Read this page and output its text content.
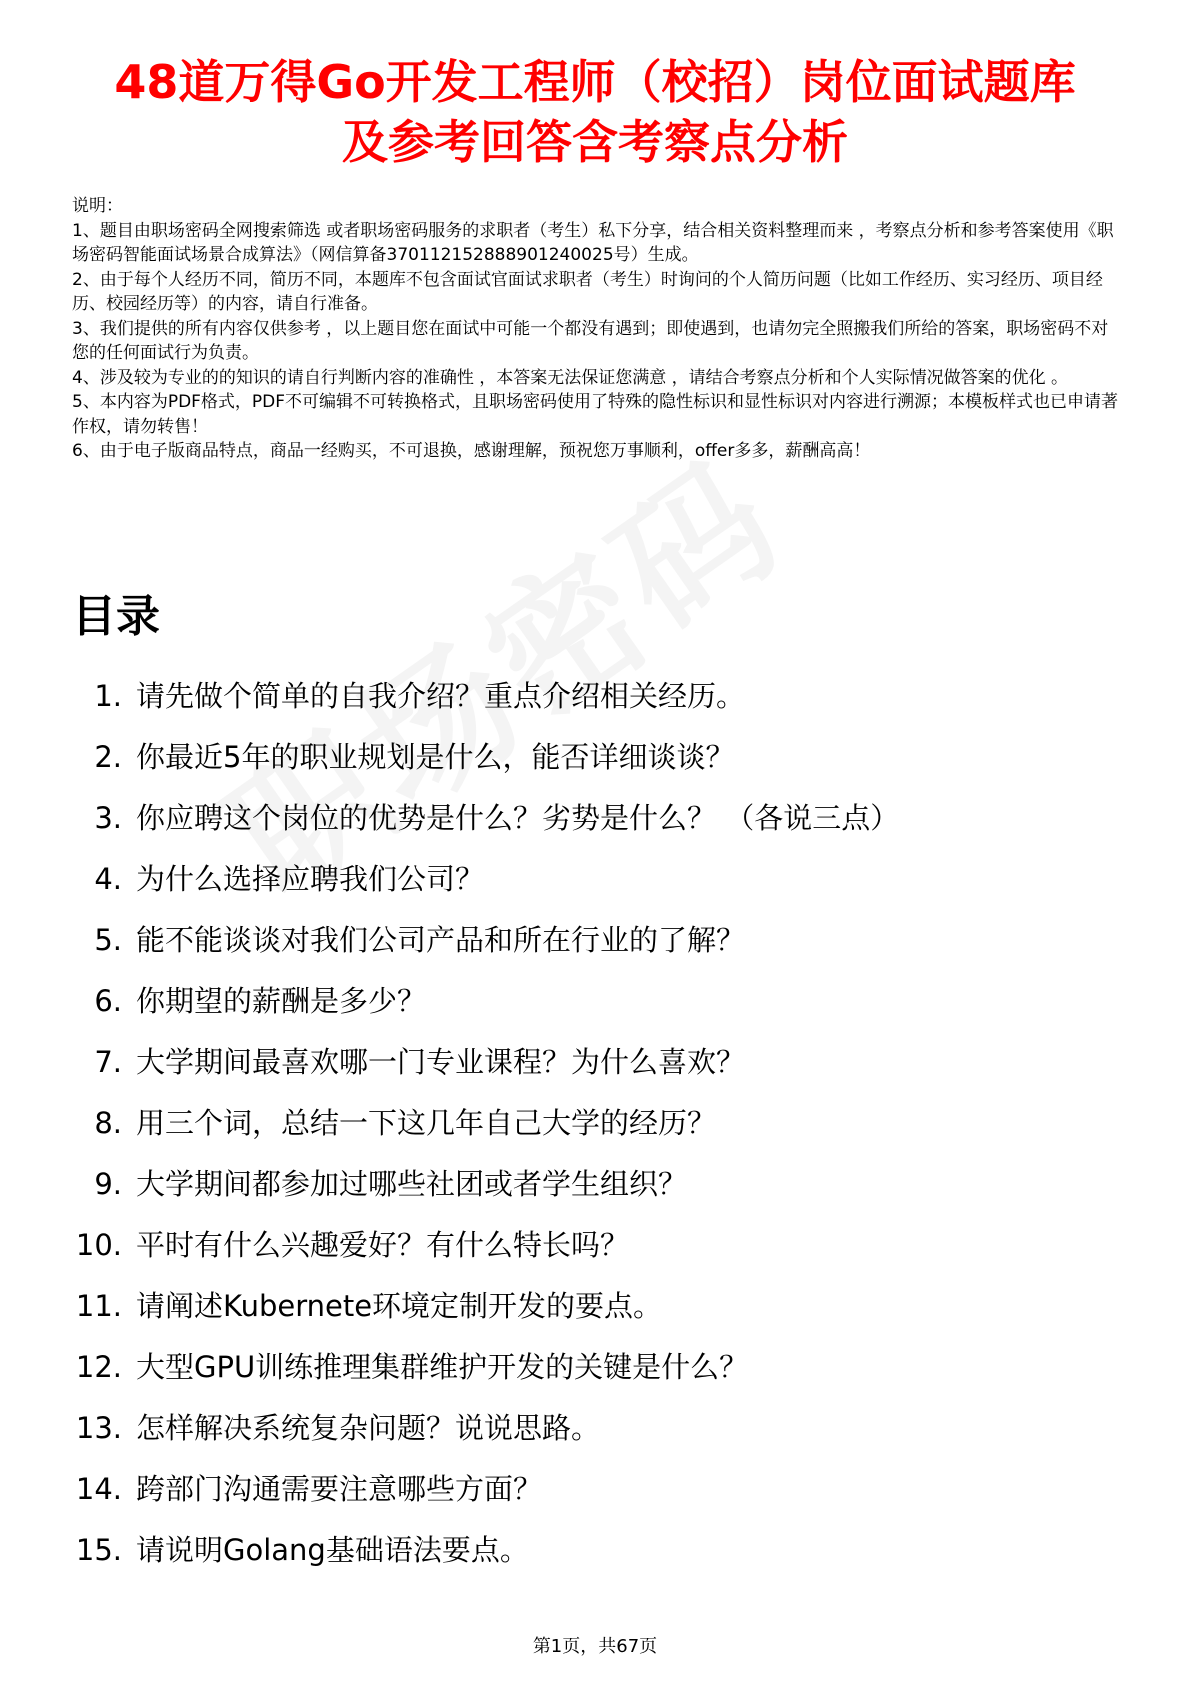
48道万得Go开发工程师（校招）岗位面试题库
及参考回答含考察点分析
说明：
1、题目由职场密码全网搜索筛选 或者职场密码服务的求职者（考生）私下分享，结合相关资料整理而来 ，考察点分析和参考答案使用《职场密码智能面试场景合成算法》（网信算备370112152888901240025号）生成。
2、由于每个人经历不同，简历不同，本题库不包含面试官面试求职者（考生）时询问的个人简历问题（比如工作经历、实习经历、项目经历、校园经历等）的内容，请自行准备。
3、我们提供的所有内容仅供参考 ，以上题目您在面试中可能一个都没有遇到；即使遇到，也请勿完全照搬我们所给的答案，职场密码不对您的任何面试行为负责。
4、涉及较为专业的的知识的请自行判断内容的准确性 ，本答案无法保证您满意 ，请结合考察点分析和个人实际情况做答案的优化 。
5、本内容为PDF格式，PDF不可编辑不可转换格式，且职场密码使用了特殊的隐性标识和显性标识对内容进行溯源；本模板样式也已申请著作权，请勿转售！
6、由于电子版商品特点，商品一经购买，不可退换，感谢理解，预祝您万事顺利，offer多多，薪酬高高！
目录
1. 请先做个简单的自我介绍？重点介绍相关经历。
2. 你最近5年的职业规划是什么，能否详细谈谈？
3. 你应聘这个岗位的优势是什么？劣势是什么？ （各说三点）
4. 为什么选择应聘我们公司？
5. 能不能谈谈对我们公司产品和所在行业的了解？
6. 你期望的薪酬是多少？
7. 大学期间最喜欢哪一门专业课程？为什么喜欢？
8. 用三个词，总结一下这几年自己大学的经历？
9. 大学期间都参加过哪些社团或者学生组织？
10. 平时有什么兴趣爱好？有什么特长吗？
11. 请阐述Kubernete环境定制开发的要点。
12. 大型GPU训练推理集群维护开发的关键是什么？
13. 怎样解决系统复杂问题？说说思路。
14. 跨部门沟通需要注意哪些方面？
15. 请说明Golang基础语法要点。
第1页，共67页
